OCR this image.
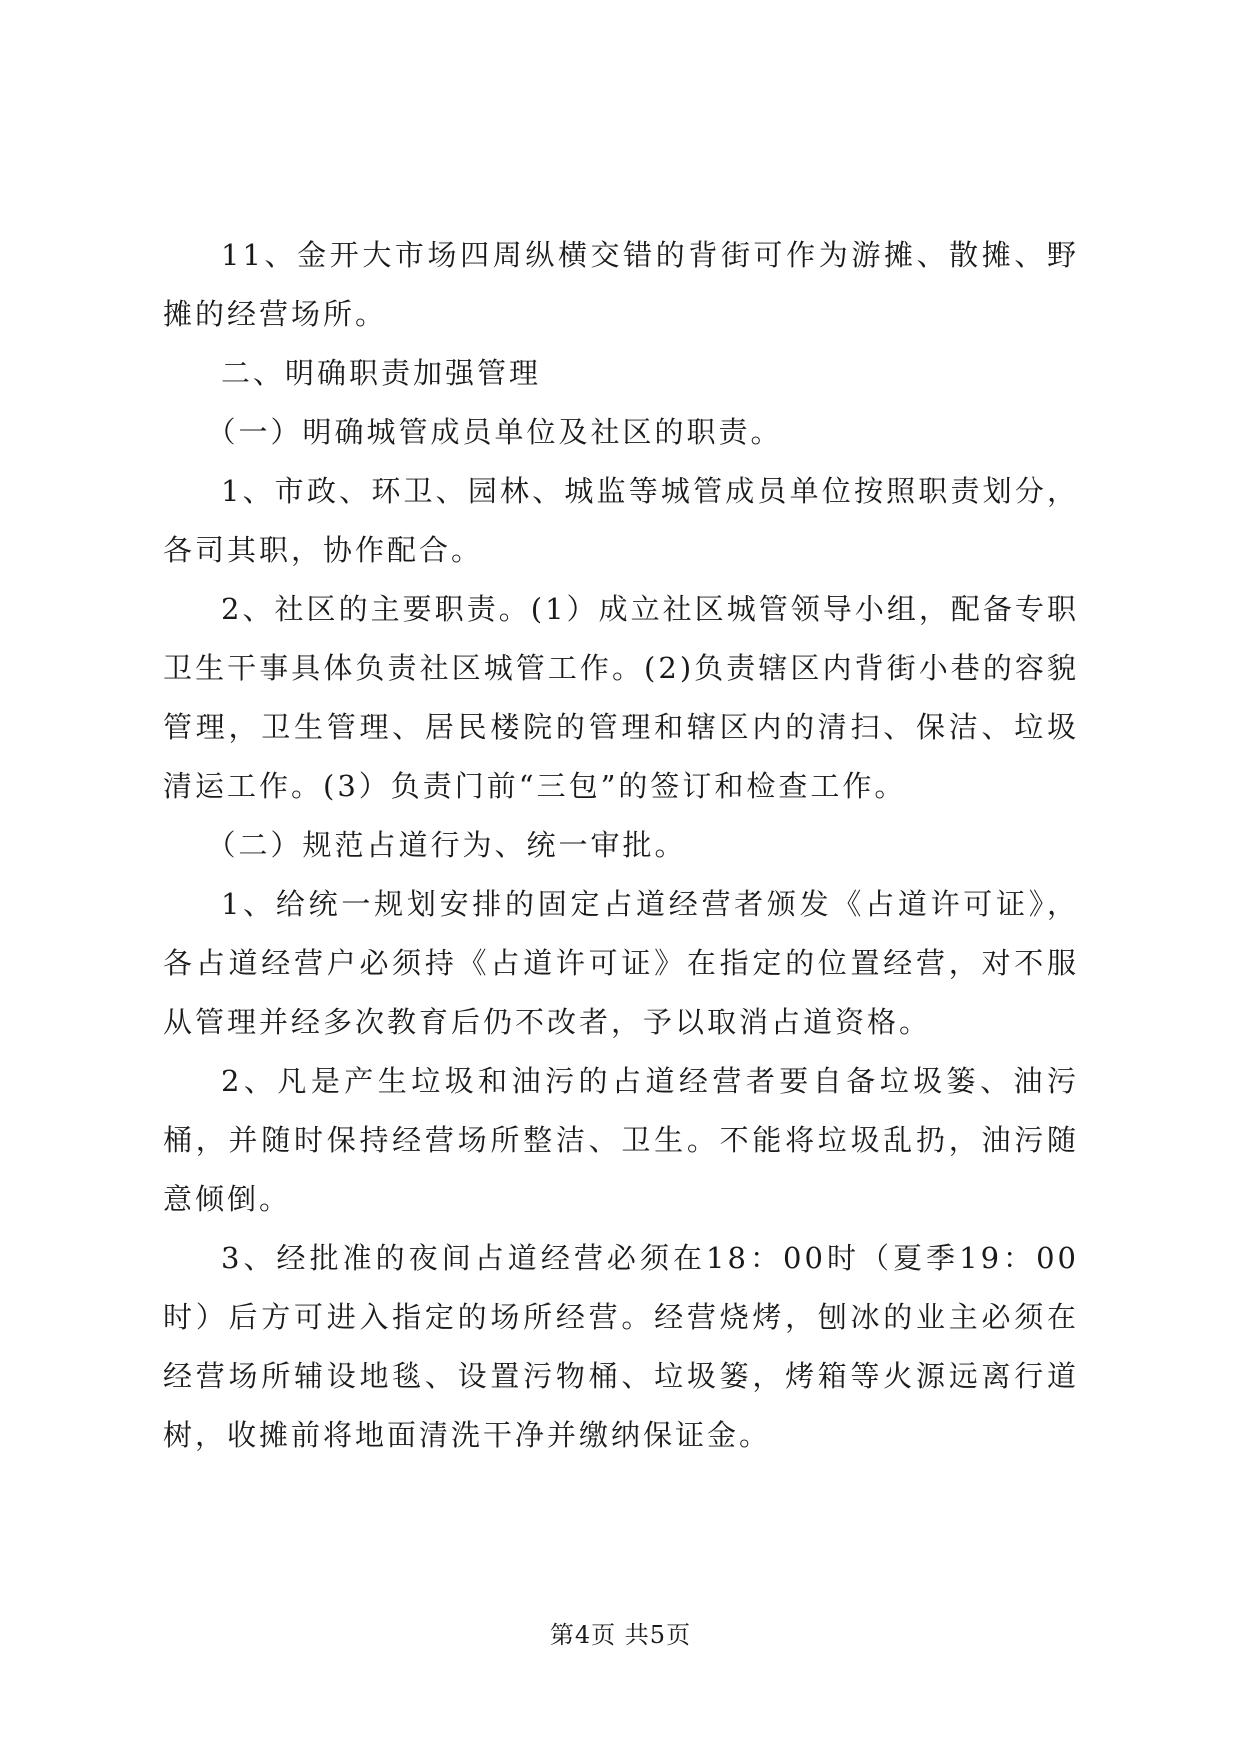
11、金开大市场四周纵横交错的背街可作为游摊、散摊、野摊的经营场所。

二、明确职责加强管理

（一）明确城管成员单位及社区的职责。

1、市政、环卫、园林、城监等城管成员单位按照职责划分，各司其职，协作配合。

2、社区的主要职责。(1）成立社区城管领导小组，配备专职卫生干事具体负责社区城管工作。(2)负责辖区内背街小巷的容貌管理，卫生管理、居民楼院的管理和辖区内的清扫、保洁、垃圾清运工作。(3）负责门前“三包”的签订和检查工作。

（二）规范占道行为、统一审批。

1、给统一规划安排的固定占道经营者颁发《占道许可证》，各占道经营户必须持《占道许可证》在指定的位置经营，对不服从管理并经多次教育后仍不改者，予以取消占道资格。

2、凡是产生垃圾和油污的占道经营者要自备垃圾篓、油污桶，并随时保持经营场所整洁、卫生。不能将垃圾乱扔，油污随意倾倒。

3、经批准的夜间占道经营必须在18：00时（夏季19：00时）后方可进入指定的场所经营。经营烧烤，刨冰的业主必须在经营场所辅设地毯、设置污物桶、垃圾篓，烤箱等火源远离行道树，收摊前将地面清洗干净并缴纳保证金。

第4页 共5页
